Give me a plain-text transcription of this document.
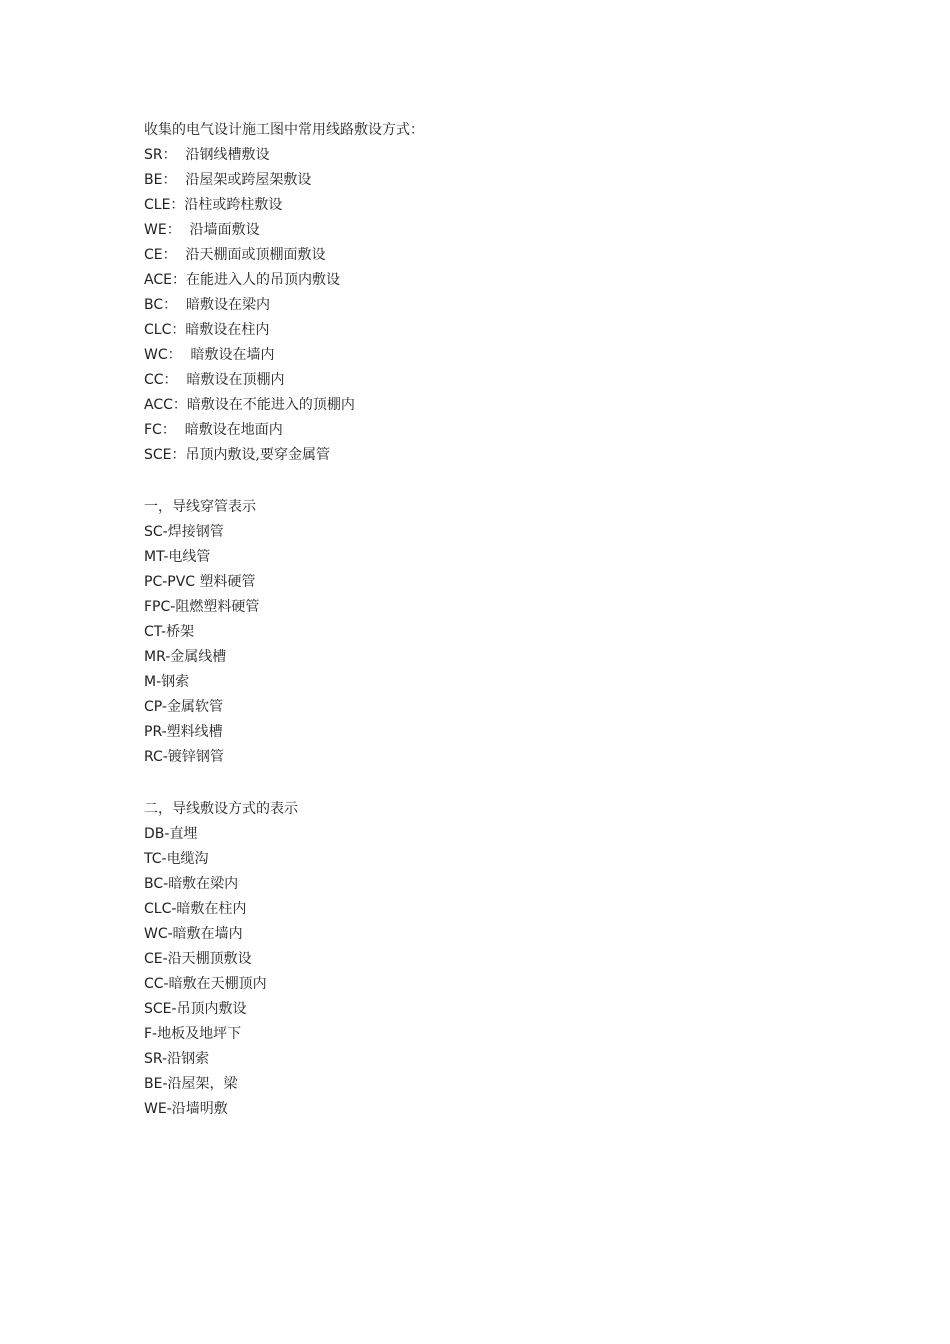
收集的电气设计施工图中常用线路敷设方式：
SR： 沿钢线槽敷设
BE： 沿屋架或跨屋架敷设
CLE：沿柱或跨柱敷设
WE： 沿墙面敷设
CE： 沿天棚面或顶棚面敷设
ACE：在能进入人的吊顶内敷设
BC： 暗敷设在梁内
CLC：暗敷设在柱内
WC： 暗敷设在墙内
CC： 暗敷设在顶棚内
ACC：暗敷设在不能进入的顶棚内
FC： 暗敷设在地面内
SCE：吊顶内敷设,要穿金属管
一，导线穿管表示
SC-焊接钢管
MT-电线管
PC-PVC 塑料硬管
FPC-阻燃塑料硬管
CT-桥架
MR-金属线槽
M-钢索
CP-金属软管
PR-塑料线槽
RC-镀锌钢管
二，导线敷设方式的表示
DB-直埋
TC-电缆沟
BC-暗敷在梁内
CLC-暗敷在柱内
WC-暗敷在墙内
CE-沿天棚顶敷设
CC-暗敷在天棚顶内
SCE-吊顶内敷设
F-地板及地坪下
SR-沿钢索
BE-沿屋架，梁
WE-沿墙明敷
